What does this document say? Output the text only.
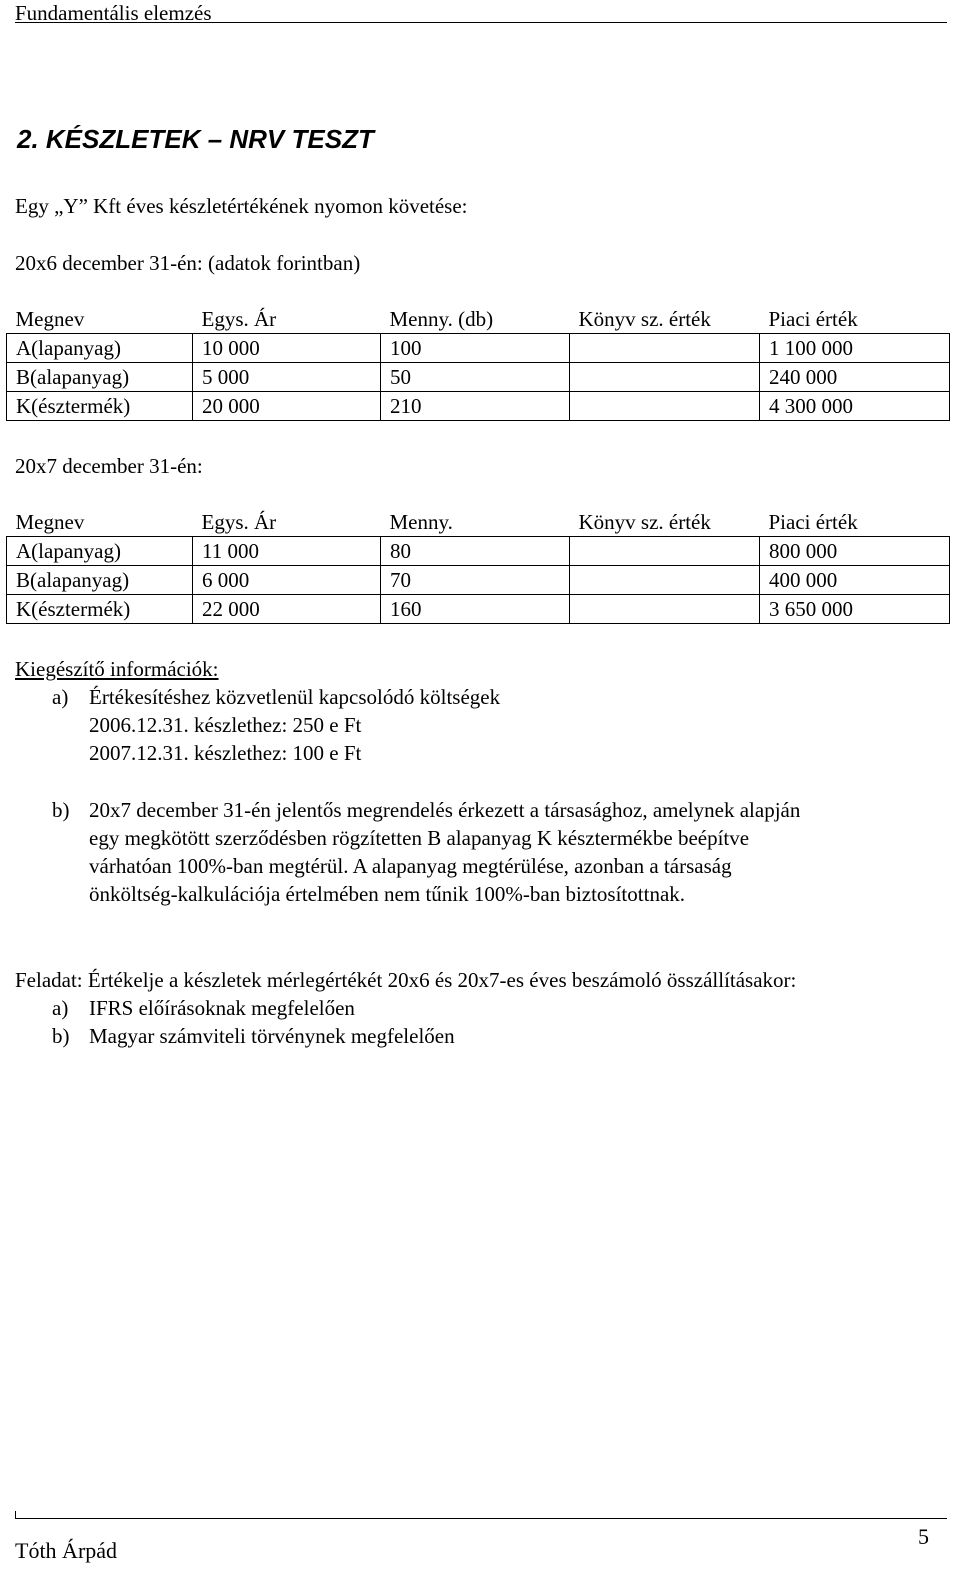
Fundamentális elemzés
2. KÉSZLETEK – NRV TESZT
Egy „Y” Kft éves készletértékének nyomon követése:
20x6 december 31-én: (adatok forintban)
Megnev	Egys. Ár	Menny. (db)	Könyv sz. érték	Piaci érték
A(lapanyag)	10 000	100		1 100 000
B(alapanyag)	5 000	50		240 000
K(észtermék)	20 000	210		4 300 000
20x7 december 31-én:
Megnev	Egys. Ár	Menny.	Könyv sz. érték	Piaci érték
A(lapanyag)	11 000	80		800 000
B(alapanyag)	6 000	70		400 000
K(észtermék)	22 000	160		3 650 000
Kiegészítő információk:
a) Értékesítéshez közvetlenül kapcsolódó költségek
2006.12.31. készlethez: 250 e Ft
2007.12.31. készlethez: 100 e Ft
b) 20x7 december 31-én jelentős megrendelés érkezett a társasághoz, amelynek alapján
egy megkötött szerződésben rögzítetten B alapanyag K késztermékbe beépítve
várhatóan 100%-ban megtérül. A alapanyag megtérülése, azonban a társaság
önköltség-kalkulációja értelmében nem tűnik 100%-ban biztosítottnak.
Feladat: Értékelje a készletek mérlegértékét 20x6 és 20x7-es éves beszámoló összállításakor:
a) IFRS előírásoknak megfelelően
b) Magyar számviteli törvénynek megfelelően
Tóth Árpád
5
